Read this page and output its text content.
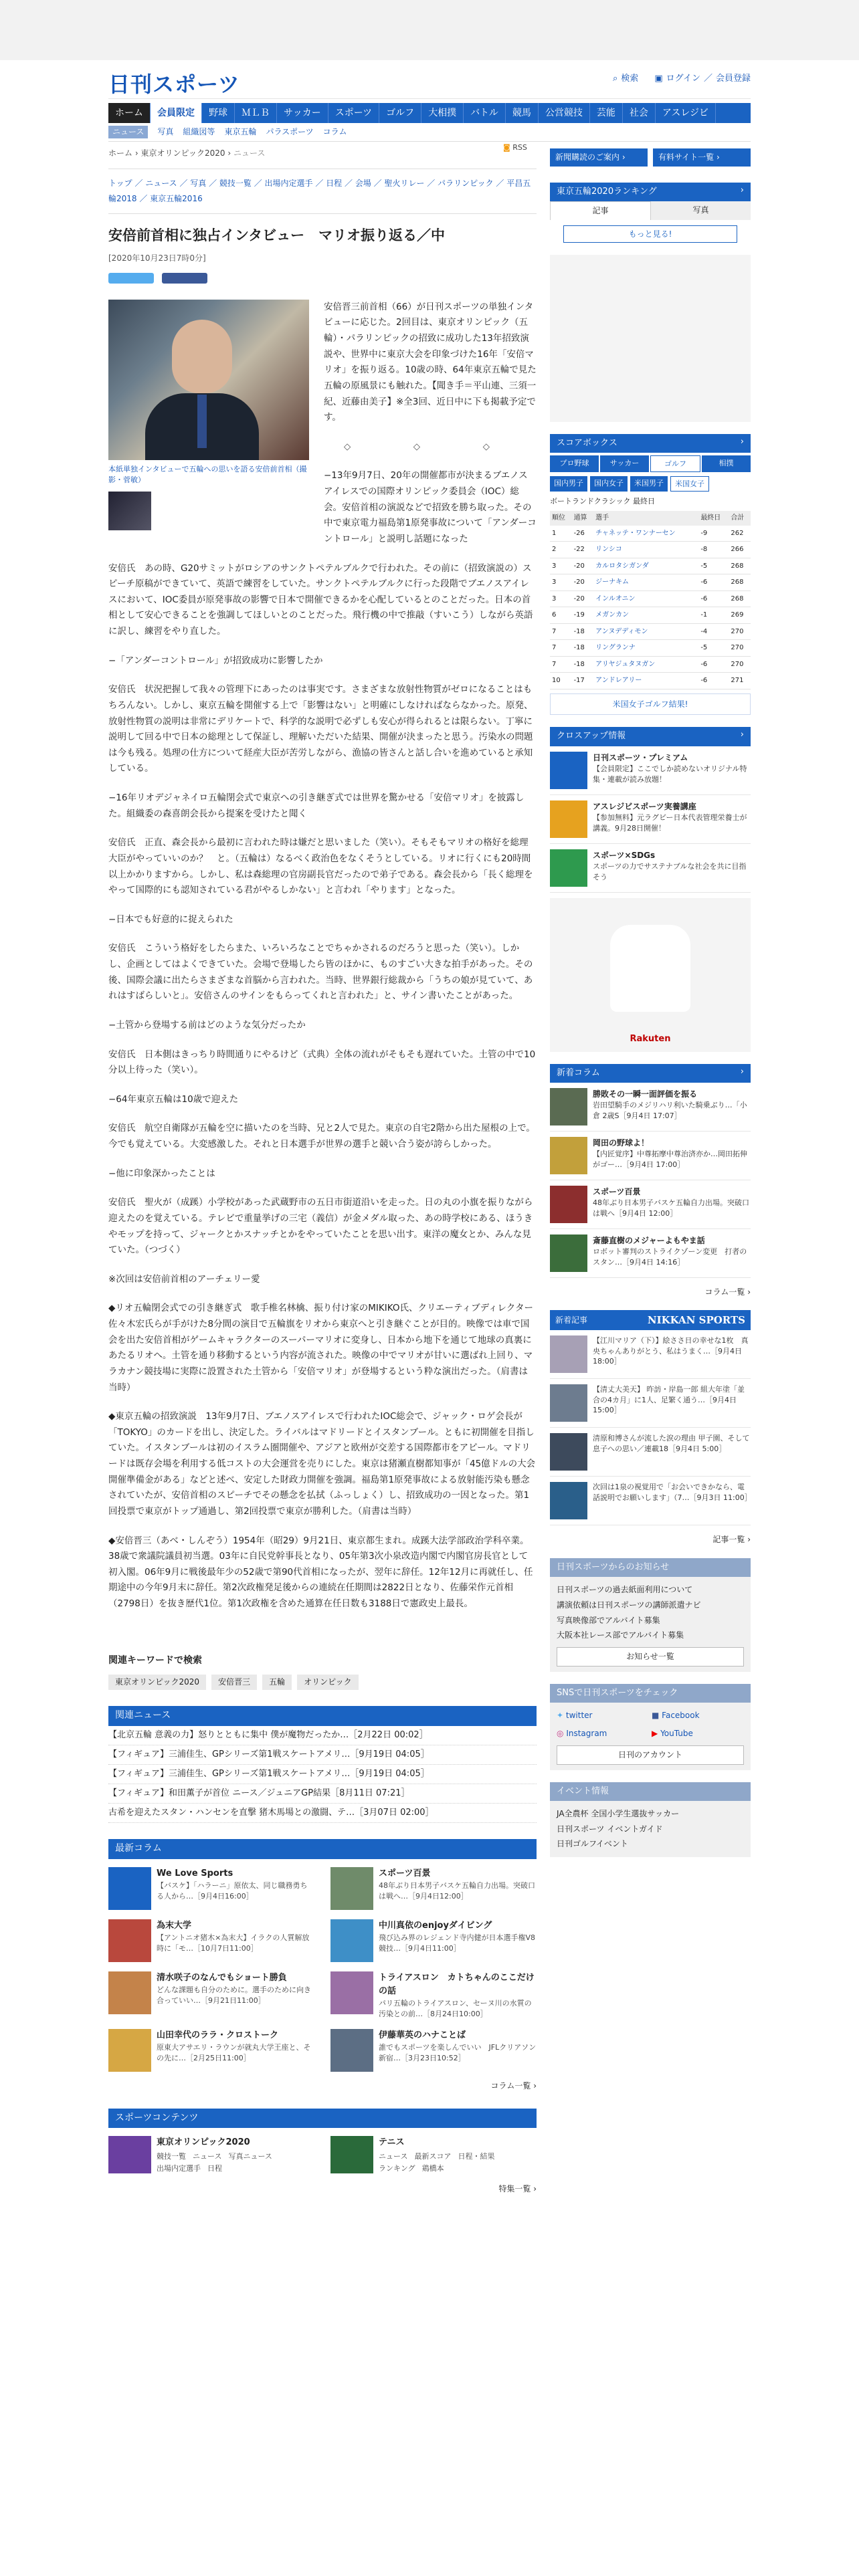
日刊スポーツ	⌕ 検索 ▣ ログイン ／ 会員登録
ホーム	会員限定	野球	ＭＬＢ	サッカー	スポーツ	ゴルフ	大相撲	バトル	競馬	公営競技	芸能	社会	アスレジビ
ニュース	写真 組織図等 東京五輪 パラスポーツ コラム
ホーム › 東京オリンピック2020 › ニュース
◙ RSS
トップ ／ ニュース ／ 写真 ／ 競技一覧 ／ 出場内定選手 ／ 日程 ／ 会場 ／ 聖火リレー ／ パラリンピック ／ 平昌五輪2018 ／ 東京五輪2016
安倍前首相に独占インタビュー　マリオ振り返る／中
[2020年10月23日7時0分]
本紙単独インタビューで五輪への思いを語る安倍前首相（撮影・菅敏）

安倍晋三前首相（66）が日刊スポーツの単独インタビューに応じた。2回目は、東京オリンピック（五輪）・パラリンピックの招致に成功した13年招致演説や、世界中に東京大会を印象づけた16年「安倍マリオ」を振り返る。10歳の時、64年東京五輪で見た五輪の原風景にも触れた。【聞き手＝平山連、三須一紀、近藤由美子】※全3回、近日中に下も掲載予定です。

◇　◇　◇

−13年9月7日、20年の開催都市が決まるブエノスアイレスでの国際オリンピック委員会（IOC）総会。安倍首相の演説などで招致を勝ち取った。その中で東京電力福島第1原発事故について「アンダーコントロール」と説明し話題になった

安倍氏　あの時、G20サミットがロシアのサンクトペテルブルクで行われた。その前に（招致演説の）スピーチ原稿ができていて、英語で練習をしていた。サンクトペテルブルクに行った段階でブエノスアイレスにおいて、IOC委員が原発事故の影響で日本で開催できるかを心配しているとのことだった。日本の首相として安心できることを強調してほしいとのことだった。飛行機の中で推敲（すいこう）しながら英語に訳し、練習をやり直した。

−「アンダーコントロール」が招致成功に影響したか

安倍氏　状況把握して我々の管理下にあったのは事実です。さまざまな放射性物質がゼロになることはもちろんない。しかし、東京五輪を開催する上で「影響はない」と明確にしなければならなかった。原発、放射性物質の説明は非常にデリケートで、科学的な説明で必ずしも安心が得られるとは限らない。丁寧に説明して回る中で日本の総理として保証し、理解いただいた結果、開催が決まったと思う。汚染水の問題は今も残る。処理の仕方について経産大臣が苦労しながら、漁協の皆さんと話し合いを進めていると承知している。

−16年リオデジャネイロ五輪閉会式で東京への引き継ぎ式では世界を驚かせる「安倍マリオ」を披露した。組織委の森喜朗会長から提案を受けたと聞く

安倍氏　正直、森会長から最初に言われた時は嫌だと思いました（笑い）。そもそもマリオの格好を総理大臣がやっていいのか？　と。（五輪は）なるべく政治色をなくそうとしている。リオに行くにも20時間以上かかりますから。しかし、私は森総理の官房副長官だったので弟子である。森会長から「長く総理をやって国際的にも認知されている君がやるしかない」と言われ「やります」となった。

−日本でも好意的に捉えられた

安倍氏　こういう格好をしたらまた、いろいろなことでちゃかされるのだろうと思った（笑い）。しかし、企画としてはよくできていた。会場で登場したら皆のほかに、ものすごい大きな拍手があった。その後、国際会議に出たらさまざまな首脳から言われた。当時、世界銀行総裁から「うちの娘が見ていて、あれはすばらしいと」。安倍さんのサインをもらってくれと言われた」と、サイン書いたことがあった。

−土管から登場する前はどのような気分だったか

安倍氏　日本側はきっちり時間通りにやるけど（式典）全体の流れがそもそも遅れていた。土管の中で10分以上待った（笑い）。

−64年東京五輪は10歳で迎えた

安倍氏　航空自衛隊が五輪を空に描いたのを当時、兄と2人で見た。東京の自宅2階から出た屋根の上で。今でも覚えている。大変感激した。それと日本選手が世界の選手と競い合う姿が誇らしかった。

−他に印象深かったことは

安倍氏　聖火が（成蹊）小学校があった武蔵野市の五日市街道沿いを走った。日の丸の小旗を振りながら迎えたのを覚えている。テレビで重量挙げの三宅（義信）が金メダル取った、あの時学校にある、ほうきやモップを持って、ジャークとかスナッチとかをやっていたことを思い出す。東洋の魔女とか、みんな見ていた。（つづく）

※次回は安倍前首相のアーチェリー愛

◆リオ五輪閉会式での引き継ぎ式　歌手椎名林檎、振り付け家のMIKIKO氏、クリエーティブディレクター佐々木宏氏らが手がけた8分間の演目で五輪旗をリオから東京へと引き継ぐことが目的。映像では車で国会を出た安倍首相がゲームキャラクターのスーパーマリオに変身し、日本から地下を通じて地球の真裏にあたるリオへ。土管を通り移動するという内容が流された。映像の中でマリオが甘いに選ばれ上回り、マラカナン競技場に実際に設置された土管から「安倍マリオ」が登場するという粋な演出だった。（肩書は当時）

◆東京五輪の招致演説　13年9月7日、ブエノスアイレスで行われたIOC総会で、ジャック・ロゲ会長が「TOKYO」のカードを出し、決定した。ライバルはマドリードとイスタンブール。ともに初開催を目指していた。イスタンブールは初のイスラム圏開催や、アジアと欧州が交差する国際都市をアピール。マドリードは既存会場を利用する低コストの大会運営を売りにした。東京は猪瀬直樹都知事が「45億ドルの大会開催準備金がある」などと述べ、安定した財政力開催を強調。福島第1原発事故による放射能汚染も懸念されていたが、安倍首相のスピーチでその懸念を払拭（ふっしょく）し、招致成功の一因となった。第1回投票で東京がトップ通過し、第2回投票で東京が勝利した。（肩書は当時）

◆安倍晋三（あべ・しんぞう）1954年（昭29）9月21日、東京都生まれ。成蹊大法学部政治学科卒業。38歳で衆議院議員初当選。03年に自民党幹事長となり、05年第3次小泉改造内閣で内閣官房長官として初入閣。06年9月に戦後最年少の52歳で第90代首相になったが、翌年に辞任。12年12月に再就任し、任期途中の今年9月末に辞任。第2次政権発足後からの連続在任期間は2822日となり、佐藤栄作元首相（2798日）を抜き歴代1位。第1次政権を含めた通算在任日数も3188日で憲政史上最長。

関連キーワードで検索
東京オリンピック2020	安倍晋三	五輪	オリンピック
関連ニュース
【北京五輪 意義の力】怒りとともに集中 僕が魔物だったか…［2月22日 00:02］
【フィギュア】三浦佳生、GPシリーズ第1戦スケートアメリ…［9月19日 04:05］
【フィギュア】三浦佳生、GPシリーズ第1戦スケートアメリ…［9月19日 04:05］
【フィギュア】和田薫子が首位 ニース／ジュニアGP結果［8月11日 07:21］
古希を迎えたスタン・ハンセンを直撃 猪木馬場との激闘、テ…［3月07日 02:00］
最新コラム
We Love Sports
【バスケ】「ハラーニ」原依太、同じ職務勇ちる人から…［9月4日16:00］
スポーツ百景
48年ぶり日本男子バスケ五輪自力出場。突破口は戦へ…［9月4日12:00］
為末大学
【アントニオ猪木×為末大】イラクの人質解放時に「モ…［10月7日11:00］
中川真依のenjoyダイビング
飛び込み界のレジェンド寺内健が日本選手権V8　競技…［9月4日11:00］
清水咲子のなんでもショート勝負
どんな課題も自分のために。選手のために向き合っていい…［9月21日11:00］
トライアスロン　カトちゃんのここだけの話
パリ五輪のトライアスロン、セーヌ川の水質の汚染との前…［8月24日10:00］
山田幸代のララ・クロストーク
原東大アサエリ・ラウンが就丸大学王座と、その先に…［2月25日11:00］
伊藤華英のハナことば
誰でもスポーツを楽しんでいい　JFLクリアソン新宿…［3月23日10:52］
コラム一覧 ›
スポーツコンテンツ
東京オリンピック2020
競技一覧 ニュース 写真ニュース
出場内定選手 日程
テニス
ニュース 最新スコア 日程・結果
ランキング 鶏橋本
特集一覧 ›
新聞購読のご案内 ›	有料サイト一覧 ›
東京五輪2020ランキング ›
記事	写真
もっと見る!
スコアボックス ›
プロ野球	サッカー	ゴルフ	相撲
国内男子	国内女子	米国男子	米国女子
ボートランドクラシック 最終日
順位	通算	選手	最終日	合計
1	-26	チャネッテ・ワンナーセン	-9	262
2	-22	リンシコ	-8	266
3	-20	カルロタシガンダ	-5	268
3	-20	ジーナキム	-6	268
3	-20	インルオニン	-6	268
6	-19	メガンカン	-1	269
7	-18	アンヌデディモン	-4	270
7	-18	リングランナ	-5	270
7	-18	アリヤジュタヌガン	-6	270
10	-17	アンドレアリー	-6	271
米国女子ゴルフ結果!
クロスアップ情報 ›
日刊スポーツ・プレミアム
【会員限定】ここでしか読めないオリジナル特集・連載が読み放題！
アスレジビスポーツ実養講座
【参加無料】元ラグビー日本代表管理栄養士が講義。9月28日開催！
スポーツ×SDGs
スポーツの力でサステナブルな社会を共に目指そう
Rakuten
新着コラム ›
勝敗その一瞬一面評価を振る
岩田望騎手のメジリハリ利いた騎乗ぶり…「小倉 2歳S［9月4日 17:07］
岡田の野球よ！
【内匠覚序】中尊拓摩中尊治済亦か…岡田拓伸がゴー…［9月4日 17:00］
スポーツ百景
48年ぶり日本男子バスケ五輪自力出場。突破口は戦へ［9月4日 12:00］
斎藤直樹のメジャーよもやま話
ロボット審判のストライクゾーン変更　打者のスタン…［9月4日 14:16］
コラム一覧 ›
新着記事	NIKKAN SPORTS
【江川マリア（下）】絵ささ日の幸せな1枚　真央ちゃんありがとう、私はうまく…［9月4日 18:00］
【清丈大美天】 昨訪・岸島一郎 組大年塗「並合の4カ月」に1人、足繁く通う…［9月4日 15:00］
清原和博さんが流した涙の理由 甲子園、そして息子への思い／連載18［9月4日 5:00］
次回は1泉の視覚用で「お会いできかなら、電話説明でお願いします」（7…［9月3日 11:00］
記事一覧 ›
日刊スポーツからのお知らせ
日刊スポーツの過去紙面利用について
講演依頼は日刊スポーツの講師派遣ナビ
写真映像部でアルバイト募集
大阪本社レース部でアルバイト募集
お知らせ一覧
SNSで日刊スポーツをチェック
✦ twitter	■ Facebook
◎ Instagram	▶ YouTube
日刊のアカウント
イベント情報
JA全農杯 全国小学生選抜サッカー
日刊スポーツ イベントガイド
日刊ゴルフイベント
